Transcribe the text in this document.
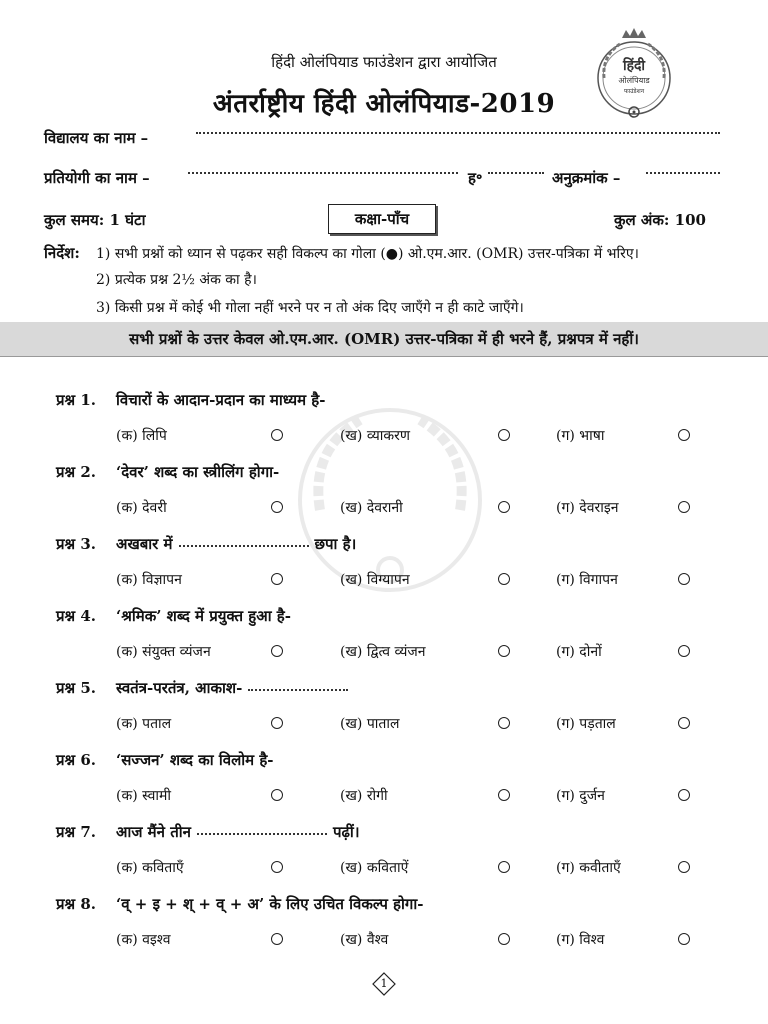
हिंदी ओलंपियाड फाउंडेशन द्वारा आयोजित
अंतर्राष्ट्रीय हिंदी ओलंपियाड-2019
हिंदी
ओलंपियाड
फाउंडेशन
विद्यालय का नाम –
प्रतियोगी का नाम –	ह॰	अनुक्रमांक –
कुल समय: 1 घंटा	कक्षा-पाँच	कुल अंक: 100
निर्देश: 1) सभी प्रश्नों को ध्यान से पढ़कर सही विकल्प का गोला (●) ओ.एम.आर. (OMR) उत्तर-पत्रिका में भरिए।
2) प्रत्येक प्रश्न 2½ अंक का है।
3) किसी प्रश्न में कोई भी गोला नहीं भरने पर न तो अंक दिए जाएँगे न ही काटे जाएँगे।
सभी प्रश्नों के उत्तर केवल ओ.एम.आर. (OMR) उत्तर-पत्रिका में ही भरने हैं, प्रश्नपत्र में नहीं।
प्रश्न 1. विचारों के आदान-प्रदान का माध्यम है-
(क) लिपि	(ख) व्याकरण	(ग) भाषा
प्रश्न 2. ‘देवर’ शब्द का स्त्रीलिंग होगा-
(क) देवरी	(ख) देवरानी	(ग) देवराइन
प्रश्न 3. अखबार में	छपा है।
(क) विज्ञापन	(ख) विग्यापन	(ग) विगापन
प्रश्न 4. ‘श्रमिक’ शब्द में प्रयुक्त हुआ है-
(क) संयुक्त व्यंजन	(ख) द्वित्व व्यंजन	(ग) दोनों
प्रश्न 5. स्वतंत्र-परतंत्र, आकाश-
(क) पताल	(ख) पाताल	(ग) पड़ताल
प्रश्न 6. ‘सज्जन’ शब्द का विलोम है-
(क) स्वामी	(ख) रोगी	(ग) दुर्जन
प्रश्न 7. आज मैंने तीन	पढ़ीं।
(क) कविताएँ	(ख) कविताऐं	(ग) कवीताएँ
प्रश्न 8. ‘व् + इ + श् + व् + अ’ के लिए उचित विकल्प होगा-
(क) वइश्व	(ख) वैश्व	(ग) विश्व
1
